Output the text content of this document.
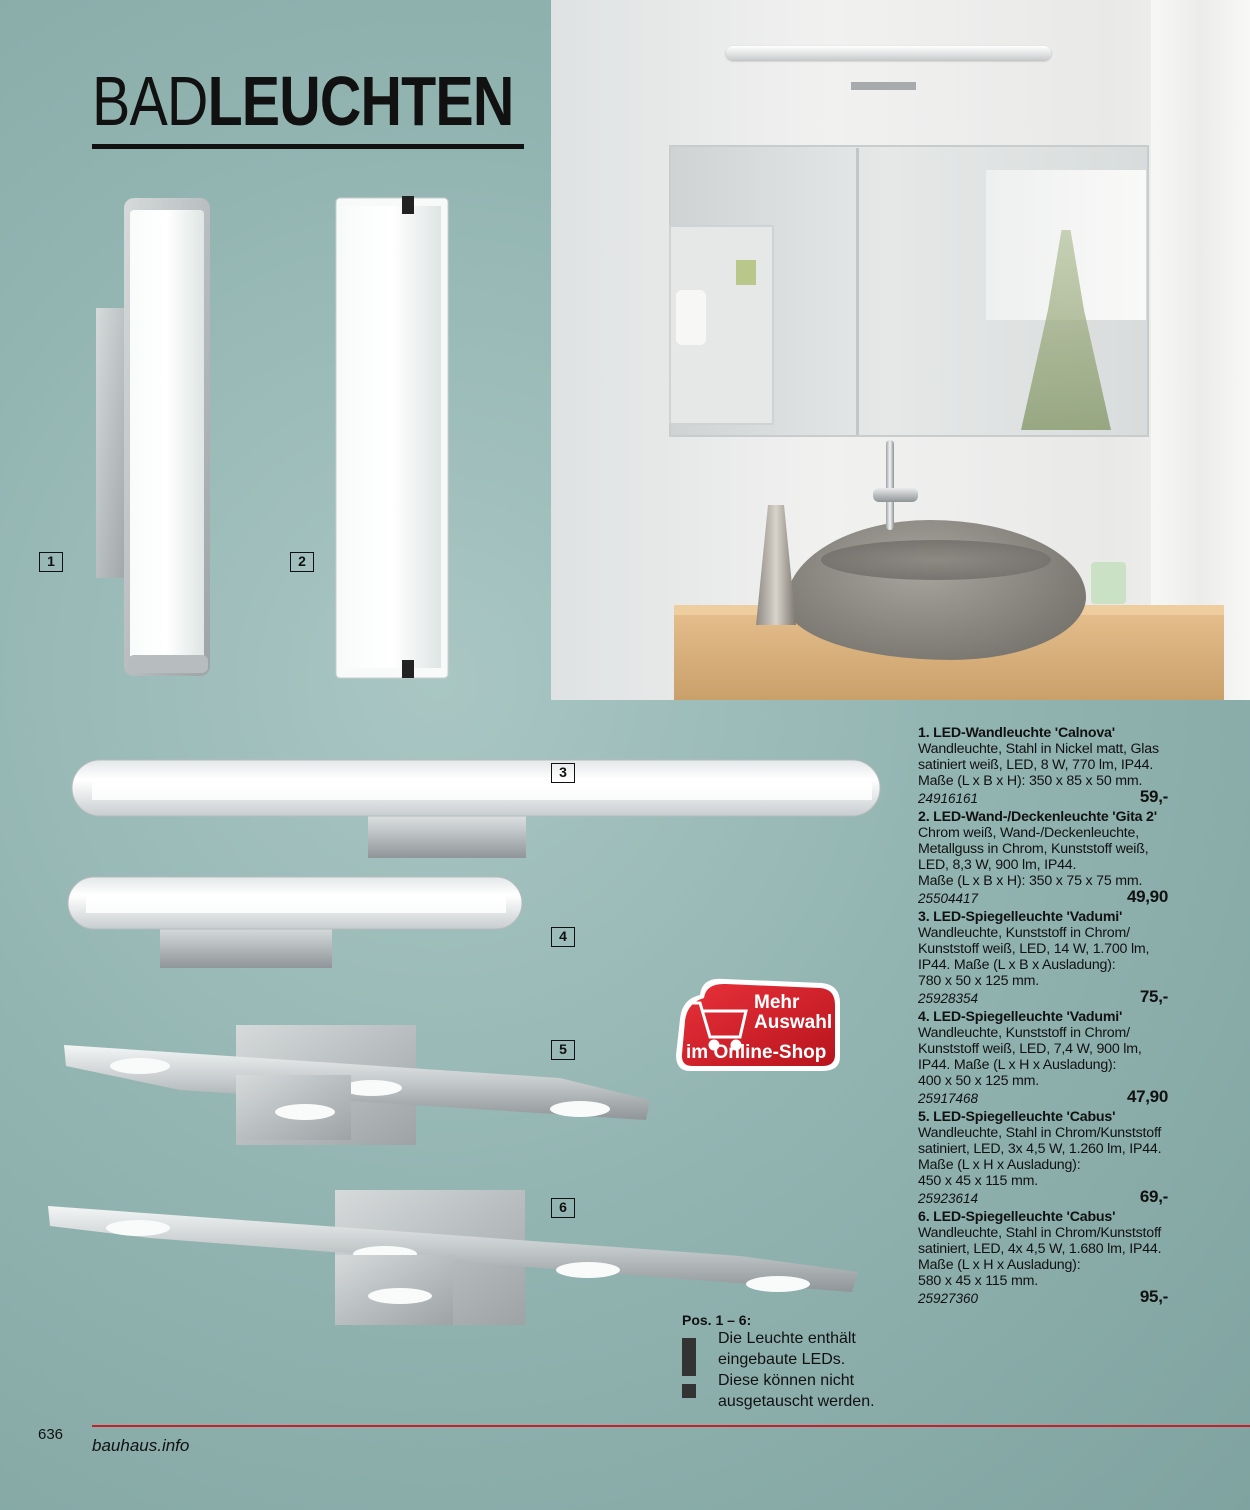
BADLEUCHTEN
1	2
3
4
5
6
Mehr
Auswahl
im Online-Shop
1. LED-Wandleuchte 'Calnova'
Wandleuchte, Stahl in Nickel matt, Glas
satiniert weiß, LED, 8 W, 770 lm, IP44.
Maße (L x B x H): 350 x 85 x 50 mm.
24916161	59,-
2. LED-Wand-/Deckenleuchte 'Gita 2'
Chrom weiß, Wand-/Deckenleuchte,
Metallguss in Chrom, Kunststoff weiß,
LED, 8,3 W, 900 lm, IP44.
Maße (L x B x H): 350 x 75 x 75 mm.
25504417	49,90
3. LED-Spiegelleuchte 'Vadumi'
Wandleuchte, Kunststoff in Chrom/
Kunststoff weiß, LED, 14 W, 1.700 lm,
IP44. Maße (L x B x Ausladung):
780 x 50 x 125 mm.
25928354	75,-
4. LED-Spiegelleuchte 'Vadumi'
Wandleuchte, Kunststoff in Chrom/
Kunststoff weiß, LED, 7,4 W, 900 lm,
IP44. Maße (L x H x Ausladung):
400 x 50 x 125 mm.
25917468	47,90
5. LED-Spiegelleuchte 'Cabus'
Wandleuchte, Stahl in Chrom/Kunststoff
satiniert, LED, 3x 4,5 W, 1.260 lm, IP44.
Maße (L x H x Ausladung):
450 x 45 x 115 mm.
25923614	69,-
6. LED-Spiegelleuchte 'Cabus'
Wandleuchte, Stahl in Chrom/Kunststoff
satiniert, LED, 4x 4,5 W, 1.680 lm, IP44.
Maße (L x H x Ausladung):
580 x 45 x 115 mm.
25927360	95,-
Pos. 1 – 6:
Die Leuchte enthält
eingebaute LEDs.
Diese können nicht
ausgetauscht werden.
636
bauhaus.info
